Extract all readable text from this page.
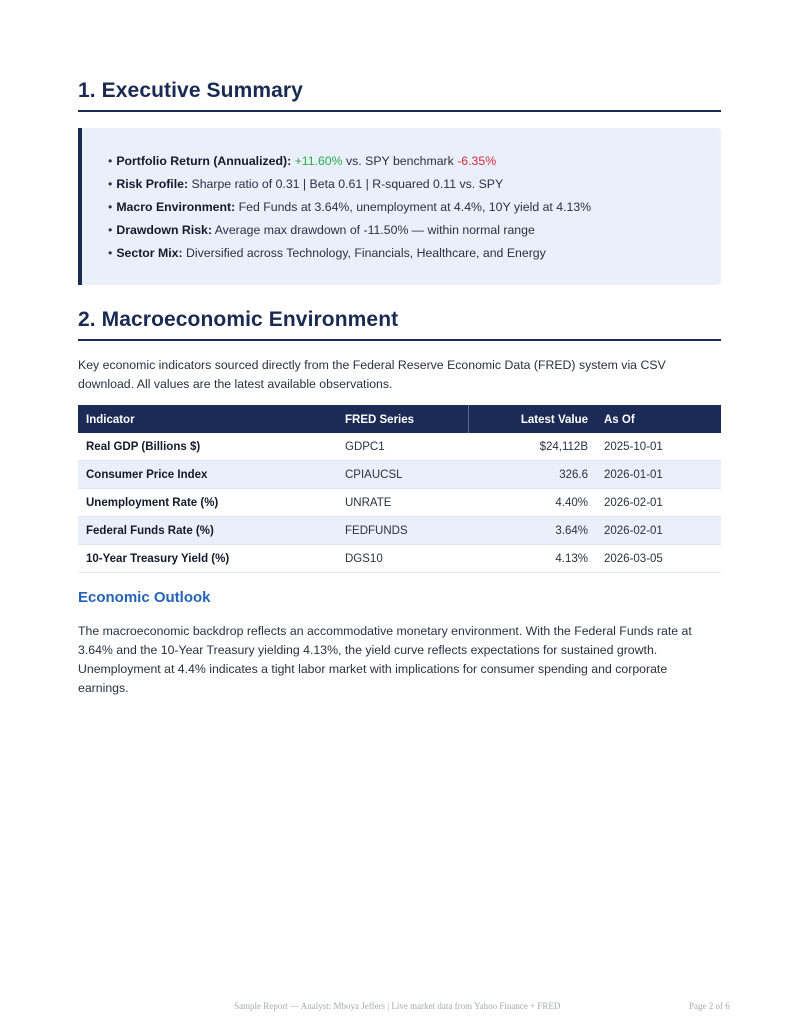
1. Executive Summary
• Portfolio Return (Annualized): +11.60% vs. SPY benchmark -6.35%
• Risk Profile: Sharpe ratio of 0.31 | Beta 0.61 | R-squared 0.11 vs. SPY
• Macro Environment: Fed Funds at 3.64%, unemployment at 4.4%, 10Y yield at 4.13%
• Drawdown Risk: Average max drawdown of -11.50% — within normal range
• Sector Mix: Diversified across Technology, Financials, Healthcare, and Energy
2. Macroeconomic Environment

Key economic indicators sourced directly from the Federal Reserve Economic Data (FRED) system via CSV download. All values are the latest available observations.

Indicator	FRED Series	Latest Value	As Of
Real GDP (Billions $)	GDPC1	$24,112B	2025-10-01
Consumer Price Index	CPIAUCSL	326.6	2026-01-01
Unemployment Rate (%)	UNRATE	4.40%	2026-02-01
Federal Funds Rate (%)	FEDFUNDS	3.64%	2026-02-01
10-Year Treasury Yield (%)	DGS10	4.13%	2026-03-05
Economic Outlook

The macroeconomic backdrop reflects an accommodative monetary environment. With the Federal Funds rate at 3.64% and the 10-Year Treasury yielding 4.13%, the yield curve reflects expectations for sustained growth. Unemployment at 4.4% indicates a tight labor market with implications for consumer spending and corporate earnings.

Sample Report — Analyst: Mboya Jeffers | Live market data from Yahoo Finance + FRED	Page 2 of 6
